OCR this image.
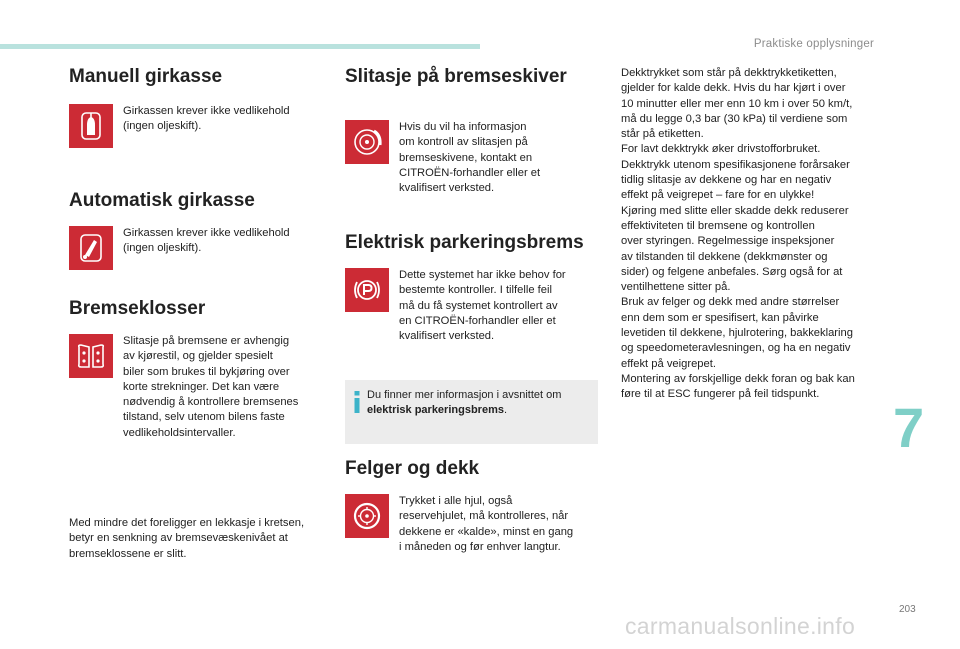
Praktiske opplysninger
7
203
carmanualsonline.info
Manuell girkasse
Girkassen krever ikke vedlikehold
(ingen oljeskift).
Automatisk girkasse
Girkassen krever ikke vedlikehold
(ingen oljeskift).
Bremseklosser
Slitasje på bremsene er avhengig
av kjørestil, og gjelder spesielt
biler som brukes til bykjøring over
korte strekninger. Det kan være
nødvendig å kontrollere bremsenes
tilstand, selv utenom bilens faste
vedlikeholdsintervaller.
Med mindre det foreligger en lekkasje i kretsen,
betyr en senkning av bremsevæskenivået at
bremseklossene er slitt.
Slitasje på bremseskiver
Hvis du vil ha informasjon
om kontroll av slitasjen på
bremseskivene, kontakt en
CITROËN-forhandler eller et
kvalifisert verksted.
Elektrisk parkeringsbrems
Dette systemet har ikke behov for
bestemte kontroller. I tilfelle feil
må du få systemet kontrollert av
en CITROËN-forhandler eller et
kvalifisert verksted.
Du finner mer informasjon i avsnittet om elektrisk parkeringsbrems.
Felger og dekk
Trykket i alle hjul, også
reservehjulet, må kontrolleres, når
dekkene er «kalde», minst en gang
i måneden og før enhver langtur.
Dekktrykket som står på dekktrykketiketten,
gjelder for kalde dekk. Hvis du har kjørt i over
10 minutter eller mer enn 10 km i over 50 km/t,
må du legge 0,3 bar (30 kPa) til verdiene som
står på etiketten.
For lavt dekktrykk øker drivstofforbruket.
Dekktrykk utenom spesifikasjonene forårsaker
tidlig slitasje av dekkene og har en negativ
effekt på veigrepet – fare for en ulykke!
Kjøring med slitte eller skadde dekk reduserer
effektiviteten til bremsene og kontrollen
over styringen. Regelmessige inspeksjoner
av tilstanden til dekkene (dekkmønster og
sider) og felgene anbefales. Sørg også for at
ventilhettene sitter på.
Bruk av felger og dekk med andre størrelser
enn dem som er spesifisert, kan påvirke
levetiden til dekkene, hjulrotering, bakkeklaring
og speedometeravlesningen, og ha en negativ
effekt på veigrepet.
Montering av forskjellige dekk foran og bak kan
føre til at ESC fungerer på feil tidspunkt.
